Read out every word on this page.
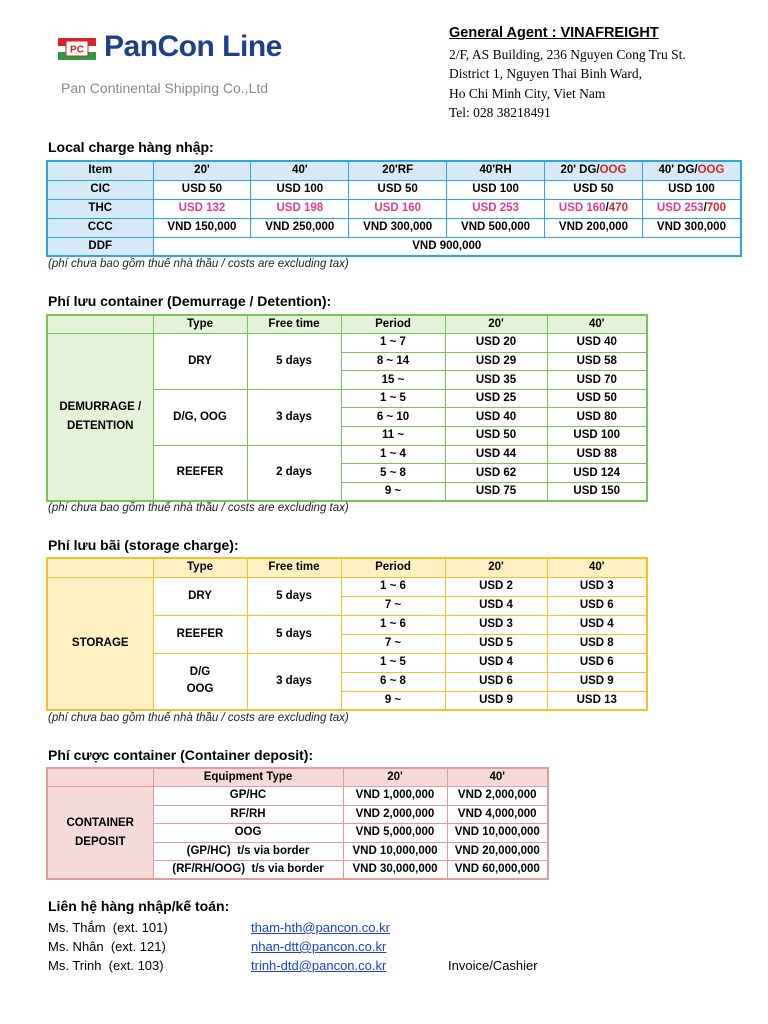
PC PanCon Line
Pan Continental Shipping Co.,Ltd
General Agent : VINAFREIGHT
2/F, AS Building, 236 Nguyen Cong Tru St.
District 1, Nguyen Thai Binh Ward,
Ho Chi Minh City, Viet Nam
Tel: 028 38218491
Local charge hàng nhập:
Item	20'	40'	20'RF	40'RH	20' DG/OOG	40' DG/OOG
CIC	USD 50	USD 100	USD 50	USD 100	USD 50	USD 100
THC	USD 132	USD 198	USD 160	USD 253	USD 160/470	USD 253/700
CCC	VND 150,000	VND 250,000	VND 300,000	VND 500,000	VND 200,000	VND 300,000
DDF	VND 900,000					
(phí chưa bao gồm thuế nhà thầu / costs are excluding tax)
Phí lưu container (Demurrage / Detention):
	Type	Free time	Period	20'	40'
DEMURRAGE /
DETENTION	DRY	5 days	1 ~ 7	USD 20	USD 40
			8 ~ 14	USD 29	USD 58
			15 ~	USD 35	USD 70
	D/G, OOG	3 days	1 ~ 5	USD 25	USD 50
			6 ~ 10	USD 40	USD 80
			11 ~	USD 50	USD 100
	REEFER	2 days	1 ~ 4	USD 44	USD 88
			5 ~ 8	USD 62	USD 124
			9 ~	USD 75	USD 150
(phí chưa bao gồm thuế nhà thầu / costs are excluding tax)
Phí lưu bãi (storage charge):
	Type	Free time	Period	20'	40'
STORAGE	DRY	5 days	1 ~ 6	USD 2	USD 3
			7 ~	USD 4	USD 6
	REEFER	5 days	1 ~ 6	USD 3	USD 4
			7 ~	USD 5	USD 8
	D/G
OOG	3 days	1 ~ 5	USD 4	USD 6
			6 ~ 8	USD 6	USD 9
			9 ~	USD 9	USD 13
(phí chưa bao gồm thuế nhà thầu / costs are excluding tax)
Phí cược container (Container deposit):
	Equipment Type	20'	40'
CONTAINER
DEPOSIT	GP/HC	VND 1,000,000	VND 2,000,000
	RF/RH	VND 2,000,000	VND 4,000,000
	OOG	VND 5,000,000	VND 10,000,000
	(GP/HC)  t/s via border	VND 10,000,000	VND 20,000,000
	(RF/RH/OOG)  t/s via border	VND 30,000,000	VND 60,000,000
Liên hệ hàng nhập/kế toán:
Ms. Thắm  (ext. 101)	tham-hth@pancon.co.kr
Ms. Nhân  (ext. 121)	nhan-dtt@pancon.co.kr
Ms. Trinh  (ext. 103)	trinh-dtd@pancon.co.kr	Invoice/Cashier
